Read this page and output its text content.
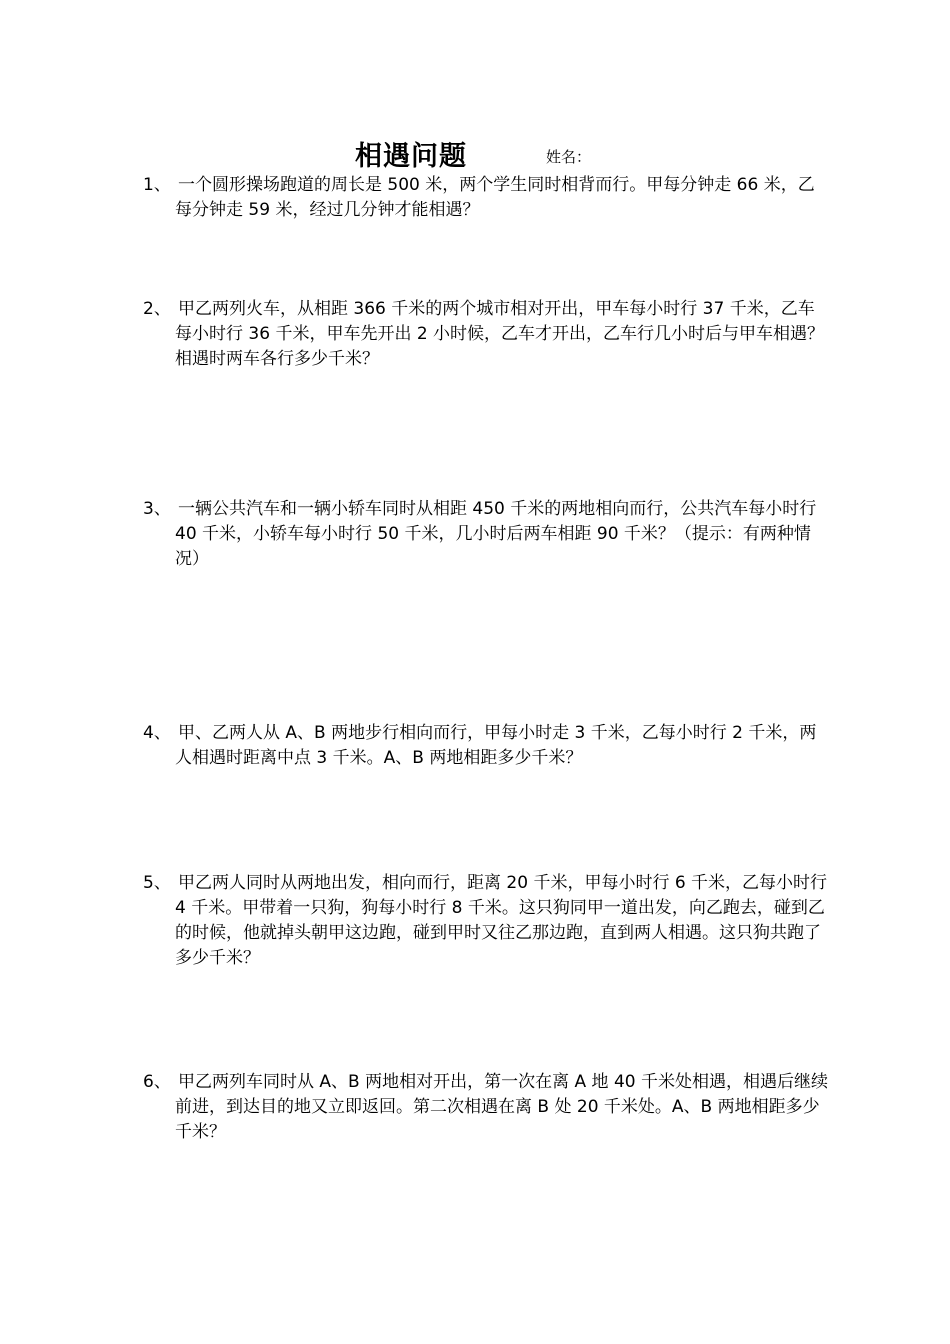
相遇问题	姓名：
1、 一个圆形操场跑道的周长是 500 米，两个学生同时相背而行。甲每分钟走 66 米，乙每分钟走 59 米，经过几分钟才能相遇？
2、 甲乙两列火车，从相距 366 千米的两个城市相对开出，甲车每小时行 37 千米，乙车每小时行 36 千米，甲车先开出 2 小时候，乙车才开出，乙车行几小时后与甲车相遇？相遇时两车各行多少千米？
3、 一辆公共汽车和一辆小轿车同时从相距 450 千米的两地相向而行，公共汽车每小时行 40 千米，小轿车每小时行 50 千米，几小时后两车相距 90 千米？（提示：有两种情况）
4、 甲、乙两人从 A、B 两地步行相向而行，甲每小时走 3 千米，乙每小时行 2 千米，两人相遇时距离中点 3 千米。A、B 两地相距多少千米？
5、 甲乙两人同时从两地出发，相向而行，距离 20 千米，甲每小时行 6 千米，乙每小时行 4 千米。甲带着一只狗，狗每小时行 8 千米。这只狗同甲一道出发，向乙跑去，碰到乙的时候，他就掉头朝甲这边跑，碰到甲时又往乙那边跑，直到两人相遇。这只狗共跑了多少千米？
6、 甲乙两列车同时从 A、B 两地相对开出，第一次在离 A 地 40 千米处相遇，相遇后继续前进，到达目的地又立即返回。第二次相遇在离 B 处 20 千米处。A、B 两地相距多少千米？
